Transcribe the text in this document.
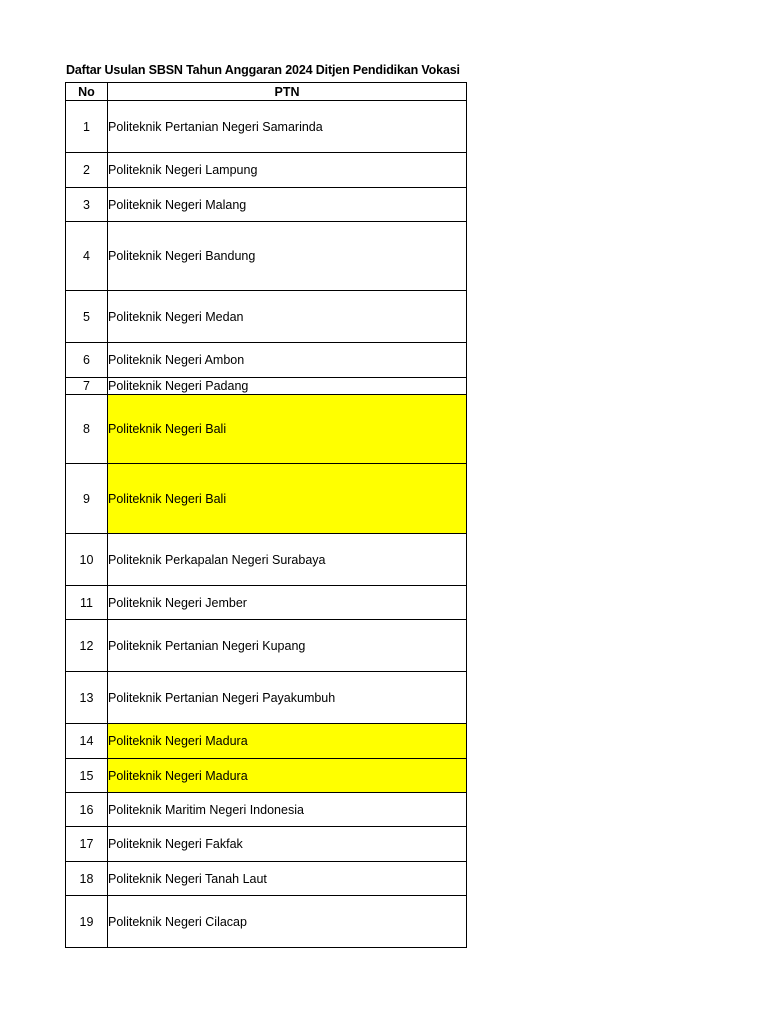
Daftar Usulan SBSN Tahun Anggaran 2024 Ditjen Pendidikan Vokasi
No	PTN
1	Politeknik Pertanian Negeri Samarinda
2	Politeknik Negeri Lampung
3	Politeknik Negeri Malang
4	Politeknik Negeri Bandung
5	Politeknik Negeri Medan
6	Politeknik Negeri Ambon
7	Politeknik Negeri Padang
8	Politeknik Negeri Bali
9	Politeknik Negeri Bali
10	Politeknik Perkapalan Negeri Surabaya
11	Politeknik Negeri Jember
12	Politeknik Pertanian Negeri Kupang
13	Politeknik Pertanian Negeri Payakumbuh
14	Politeknik Negeri Madura
15	Politeknik Negeri Madura
16	Politeknik Maritim Negeri Indonesia
17	Politeknik Negeri Fakfak
18	Politeknik Negeri Tanah Laut
19	Politeknik Negeri Cilacap
